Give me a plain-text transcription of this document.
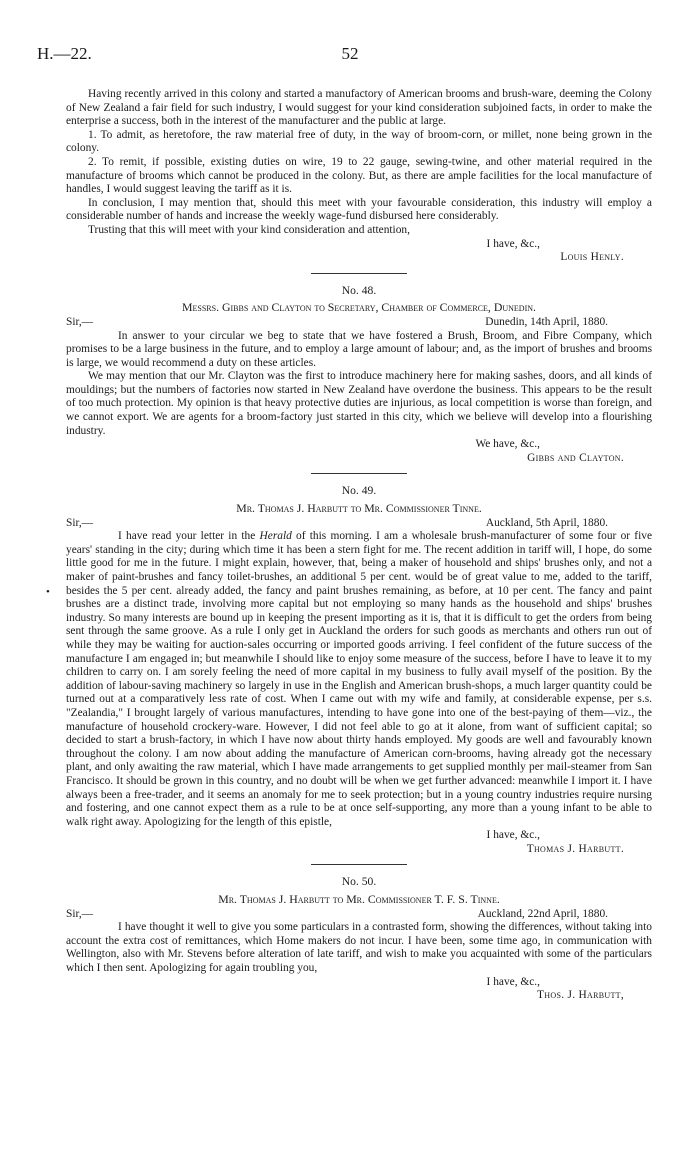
H.—22.	52
•

Having recently arrived in this colony and started a manufactory of American brooms and brush-ware, deeming the Colony of New Zealand a fair field for such industry, I would suggest for your kind consideration subjoined facts, in order to make the enterprise a success, both in the interest of the manufacturer and the public at large.

1. To admit, as heretofore, the raw material free of duty, in the way of broom-corn, or millet, none being grown in the colony.

2. To remit, if possible, existing duties on wire, 19 to 22 gauge, sewing-twine, and other material required in the manufacture of brooms which cannot be produced in the colony. But, as there are ample facilities for the local manufacture of handles, I would suggest leaving the tariff as it is.

In conclusion, I may mention that, should this meet with your favourable consideration, this industry will employ a considerable number of hands and increase the weekly wage-fund disbursed here considerably.

Trusting that this will meet with your kind consideration and attention,

I have, &c.,

Louis Henly.

No. 48.

Messrs. Gibbs and Clayton to Secretary, Chamber of Commerce, Dunedin.

Sir,—	Dunedin, 14th April, 1880.

In answer to your circular we beg to state that we have fostered a Brush, Broom, and Fibre Company, which promises to be a large business in the future, and to employ a large amount of labour; and, as the import of brushes and brooms is large, we would recommend a duty on these articles.

We may mention that our Mr. Clayton was the first to introduce machinery here for making sashes, doors, and all kinds of mouldings; but the numbers of factories now started in New Zealand have overdone the business. This appears to be the result of too much protection. My opinion is that heavy protective duties are injurious, as local competition is worse than foreign, and we cannot export. We are agents for a broom-factory just started in this city, which we believe will develop into a flourishing industry.

We have, &c.,

Gibbs and Clayton.

No. 49.

Mr. Thomas J. Harbutt to Mr. Commissioner Tinne.

Sir,—	Auckland, 5th April, 1880.

I have read your letter in the Herald of this morning. I am a wholesale brush-manufacturer of some four or five years' standing in the city; during which time it has been a stern fight for me. The recent addition in tariff will, I hope, do some little good for me in the future. I might explain, however, that, being a maker of household and ships' brushes only, and not a maker of paint-brushes and fancy toilet-brushes, an additional 5 per cent. would be of great value to me, added to the tariff, besides the 5 per cent. already added, the fancy and paint brushes remaining, as before, at 10 per cent. The fancy and paint brushes are a distinct trade, involving more capital but not employing so many hands as the household and ships' brushes industry. So many interests are bound up in keeping the present importing as it is, that it is difficult to get the orders from being sent through the same groove. As a rule I only get in Auckland the orders for such goods as merchants and others run out of while they may be waiting for auction-sales occurring or imported goods arriving. I feel confident of the future success of the manufacture I am engaged in; but meanwhile I should like to enjoy some measure of the success, before I have to leave it to my children to carry on. I am sorely feeling the need of more capital in my business to fully avail myself of the position. By the addition of labour-saving machinery so largely in use in the English and American brush-shops, a much larger quantity could be turned out at a comparatively less rate of cost. When I came out with my wife and family, at considerable expense, per s.s. "Zealandia," I brought largely of various manufactures, intending to have gone into one of the best-paying of them—viz., the manufacture of household crockery-ware. However, I did not feel able to go at it alone, from want of sufficient capital; so decided to start a brush-factory, in which I have now about thirty hands employed. My goods are well and favourably known throughout the colony. I am now about adding the manufacture of American corn-brooms, having already got the necessary plant, and only awaiting the raw material, which I have made arrangements to get supplied monthly per mail-steamer from San Francisco. It should be grown in this country, and no doubt will be when we get further advanced: meanwhile I import it. I have always been a free-trader, and it seems an anomaly for me to seek protection; but in a young country industries require nursing and fostering, and one cannot expect them as a rule to be at once self-supporting, any more than a young infant to be able to walk right away. Apologizing for the length of this epistle,

I have, &c.,

Thomas J. Harbutt.

No. 50.

Mr. Thomas J. Harbutt to Mr. Commissioner T. F. S. Tinne.

Sir,—	Auckland, 22nd April, 1880.

I have thought it well to give you some particulars in a contrasted form, showing the differences, without taking into account the extra cost of remittances, which Home makers do not incur. I have been, some time ago, in communication with Wellington, also with Mr. Stevens before alteration of late tariff, and wish to make you acquainted with some of the particulars which I then sent. Apologizing for again troubling you,

I have, &c.,

Thos. J. Harbutt,
